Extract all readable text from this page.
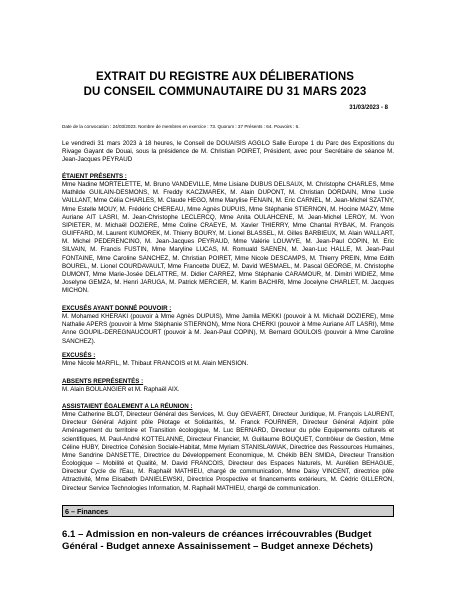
EXTRAIT DU REGISTRE AUX DÉLIBERATIONS
DU CONSEIL COMMUNAUTAIRE DU 31 MARS 2023
31/03/2023 - 8
Date de la convocation : 24/03/2023. Nombre de membres en exercice : 73. Quorum : 37 Présents : 64. Pouvoirs : 6.
Le vendredi 31 mars 2023 à 18 heures, le Conseil de DOUAISIS AGGLO Salle Europe 1 du Parc des Expositions du Rivage Gayant de Douai, sous la présidence de M. Christian POIRET, Président, avec pour Secrétaire de séance M. Jean-Jacques PEYRAUD
ÉTAIENT PRÉSENTS :
Mme Nadine MORTELETTE, M. Bruno VANDEVILLE, Mme Lisiane DUBUS DELSAUX, M. Christophe CHARLES, Mme Mathilde GUILAIN-DESMONS, M. Freddy KACZMAREK, M. Alain DUPONT, M. Christian DORDAIN, Mme Lucie VAILLANT, Mme Célia CHARLES, M. Claude HEGO, Mme Marylise FENAIN, M. Eric CARNEL, M. Jean-Michel SZATNY, Mme Estelle MOUY, M. Frédéric CHEREAU, Mme Agnès DUPUIS, Mme Stéphanie STIERNON, M. Hocine MAZY, Mme Auriane AIT LASRI, M. Jean-Christophe LECLERCQ, Mme Anita OULAHCENE, M. Jean-Michel LEROY, M. Yvon SIPIETER, M. Michaël DOZIERE, Mme Coline CRAEYE, M. Xavier THIERRY, Mme Chantal RYBAK, M. François GUIFFARD, M. Laurent KUMOREK, M. Thierry BOURY, M. Lionel BLASSEL, M. Gilles BARBIEUX, M. Alain WALLART, M. Michel PEDERENCINO, M. Jean-Jacques PEYRAUD, Mme Valérie LOUWYE, M. Jean-Paul COPIN, M. Eric SILVAIN, M. Francis FUSTIN, Mme Maryline LUCAS, M. Romuald SAENEN, M. Jean-Luc HALLE, M. Jean-Paul FONTAINE, Mme Caroline SANCHEZ, M. Christian POIRET, Mme Nicole DESCAMPS, M. Thierry PREIN, Mme Edith BOUREL, M. Lionel COURDAVAULT, Mme Francette DUEZ, M. David WESMAEL, M. Pascal GEORGE, M. Christophe DUMONT, Mme Marie-Josée DELATTRE, M. Didier CARREZ, Mme Stéphanie CARAMOUR, M. Dimitri WIDIEZ, Mme Joselyne GEMZA, M. Henri JARUGA, M. Patrick MERCIER, M. Karim BACHIRI, Mme Jocelyne CHARLET, M. Jacques MICHON.
EXCUSÉS AYANT DONNÉ POUVOIR :
M. Mohamed KHERAKI (pouvoir à Mme Agnès DUPUIS), Mme Jamila MEKKI (pouvoir à M. Michaël DOZIERE), Mme Nathalie APERS (pouvoir à Mme Stéphanie STIERNON), Mme Nora CHERKI (pouvoir à Mme Auriane AIT LASRI), Mme Anne GOUPIL-DEREGNAUCOURT (pouvoir à M. Jean-Paul COPIN), M. Bernard GOULOIS (pouvoir à Mme Caroline SANCHEZ).
EXCUSÉS :
Mme Nicole MARFIL, M. Thibaut FRANCOIS et M. Alain MENSION.
ABSENTS REPRÉSENTÉS :
M. Alain BOULANGIER et M. Raphaël AIX.
ASSISTAIENT ÉGALEMENT A LA RÉUNION :
Mme Catherine BLOT, Directeur Général des Services, M. Guy GEVAERT, Directeur Juridique, M. François LAURENT, Directeur Général Adjoint pôle Pilotage et Solidarités, M. Franck FOURNIER, Directeur Général Adjoint pôle Aménagement du territoire et Transition écologique, M. Luc BERNARD, Directeur du pôle Equipements culturels et scientifiques, M. Paul-André KOTTELANNE, Directeur Financier, M. Guillaume BOUQUET, Contrôleur de Gestion, Mme Céline HUBY, Directrice Cohésion Sociale-Habitat, Mme Myriam STANISLAWIAK, Directrice des Ressources Humaines, Mme Sandrine DANSETTE, Directrice du Développement Economique, M. Chékib BEN SMIDA, Directeur Transition Écologique – Mobilité et Qualité, M. David FRANCOIS, Directeur des Espaces Naturels, M. Aurélien BEHAGUE, Directeur Cycle de l'Eau, M. Raphaël MATHIEU, chargé de communication, Mme Daisy VINCENT, directrice pôle Attractivité, Mme Elisabeth DANIELEWSKI, Directrice Prospective et financements extérieurs, M. Cédric GILLERON, Directeur Service Technologies Information, M. Raphaël MATHIEU, chargé de communication.
6 – Finances
6.1 – Admission en non-valeurs de créances irrécouvrables (Budget Général - Budget annexe Assainissement – Budget annexe Déchets)
